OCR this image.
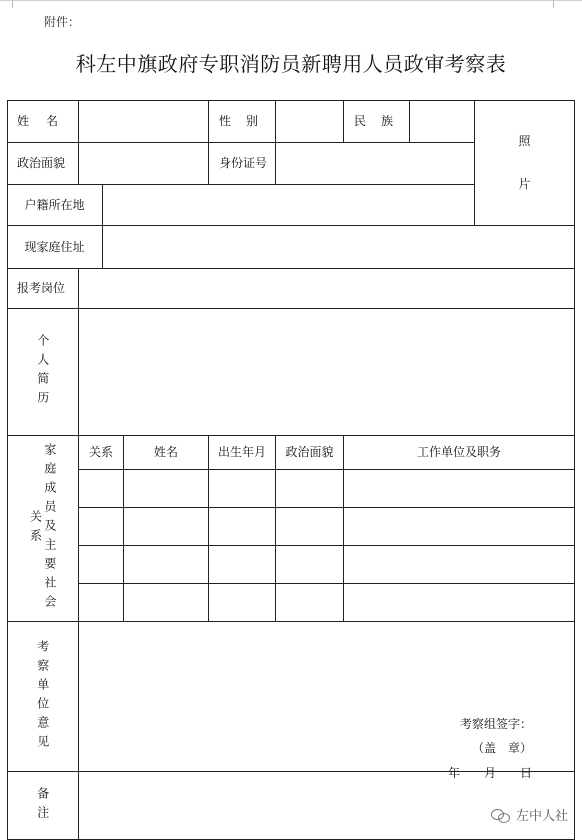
附件：
科左中旗政府专职消防员新聘用人员政审考察表
姓名	性别	民族
照
片
政治面貌	身份证号
户籍所在地
现家庭住址
报考岗位
个人简历
家庭成员及主要社会关系
关系	姓名	出生年月	政治面貌	工作单位及职务
考察单位意见	考察组签字：
（盖　章）
年　　月　　日
备注	左中人社
